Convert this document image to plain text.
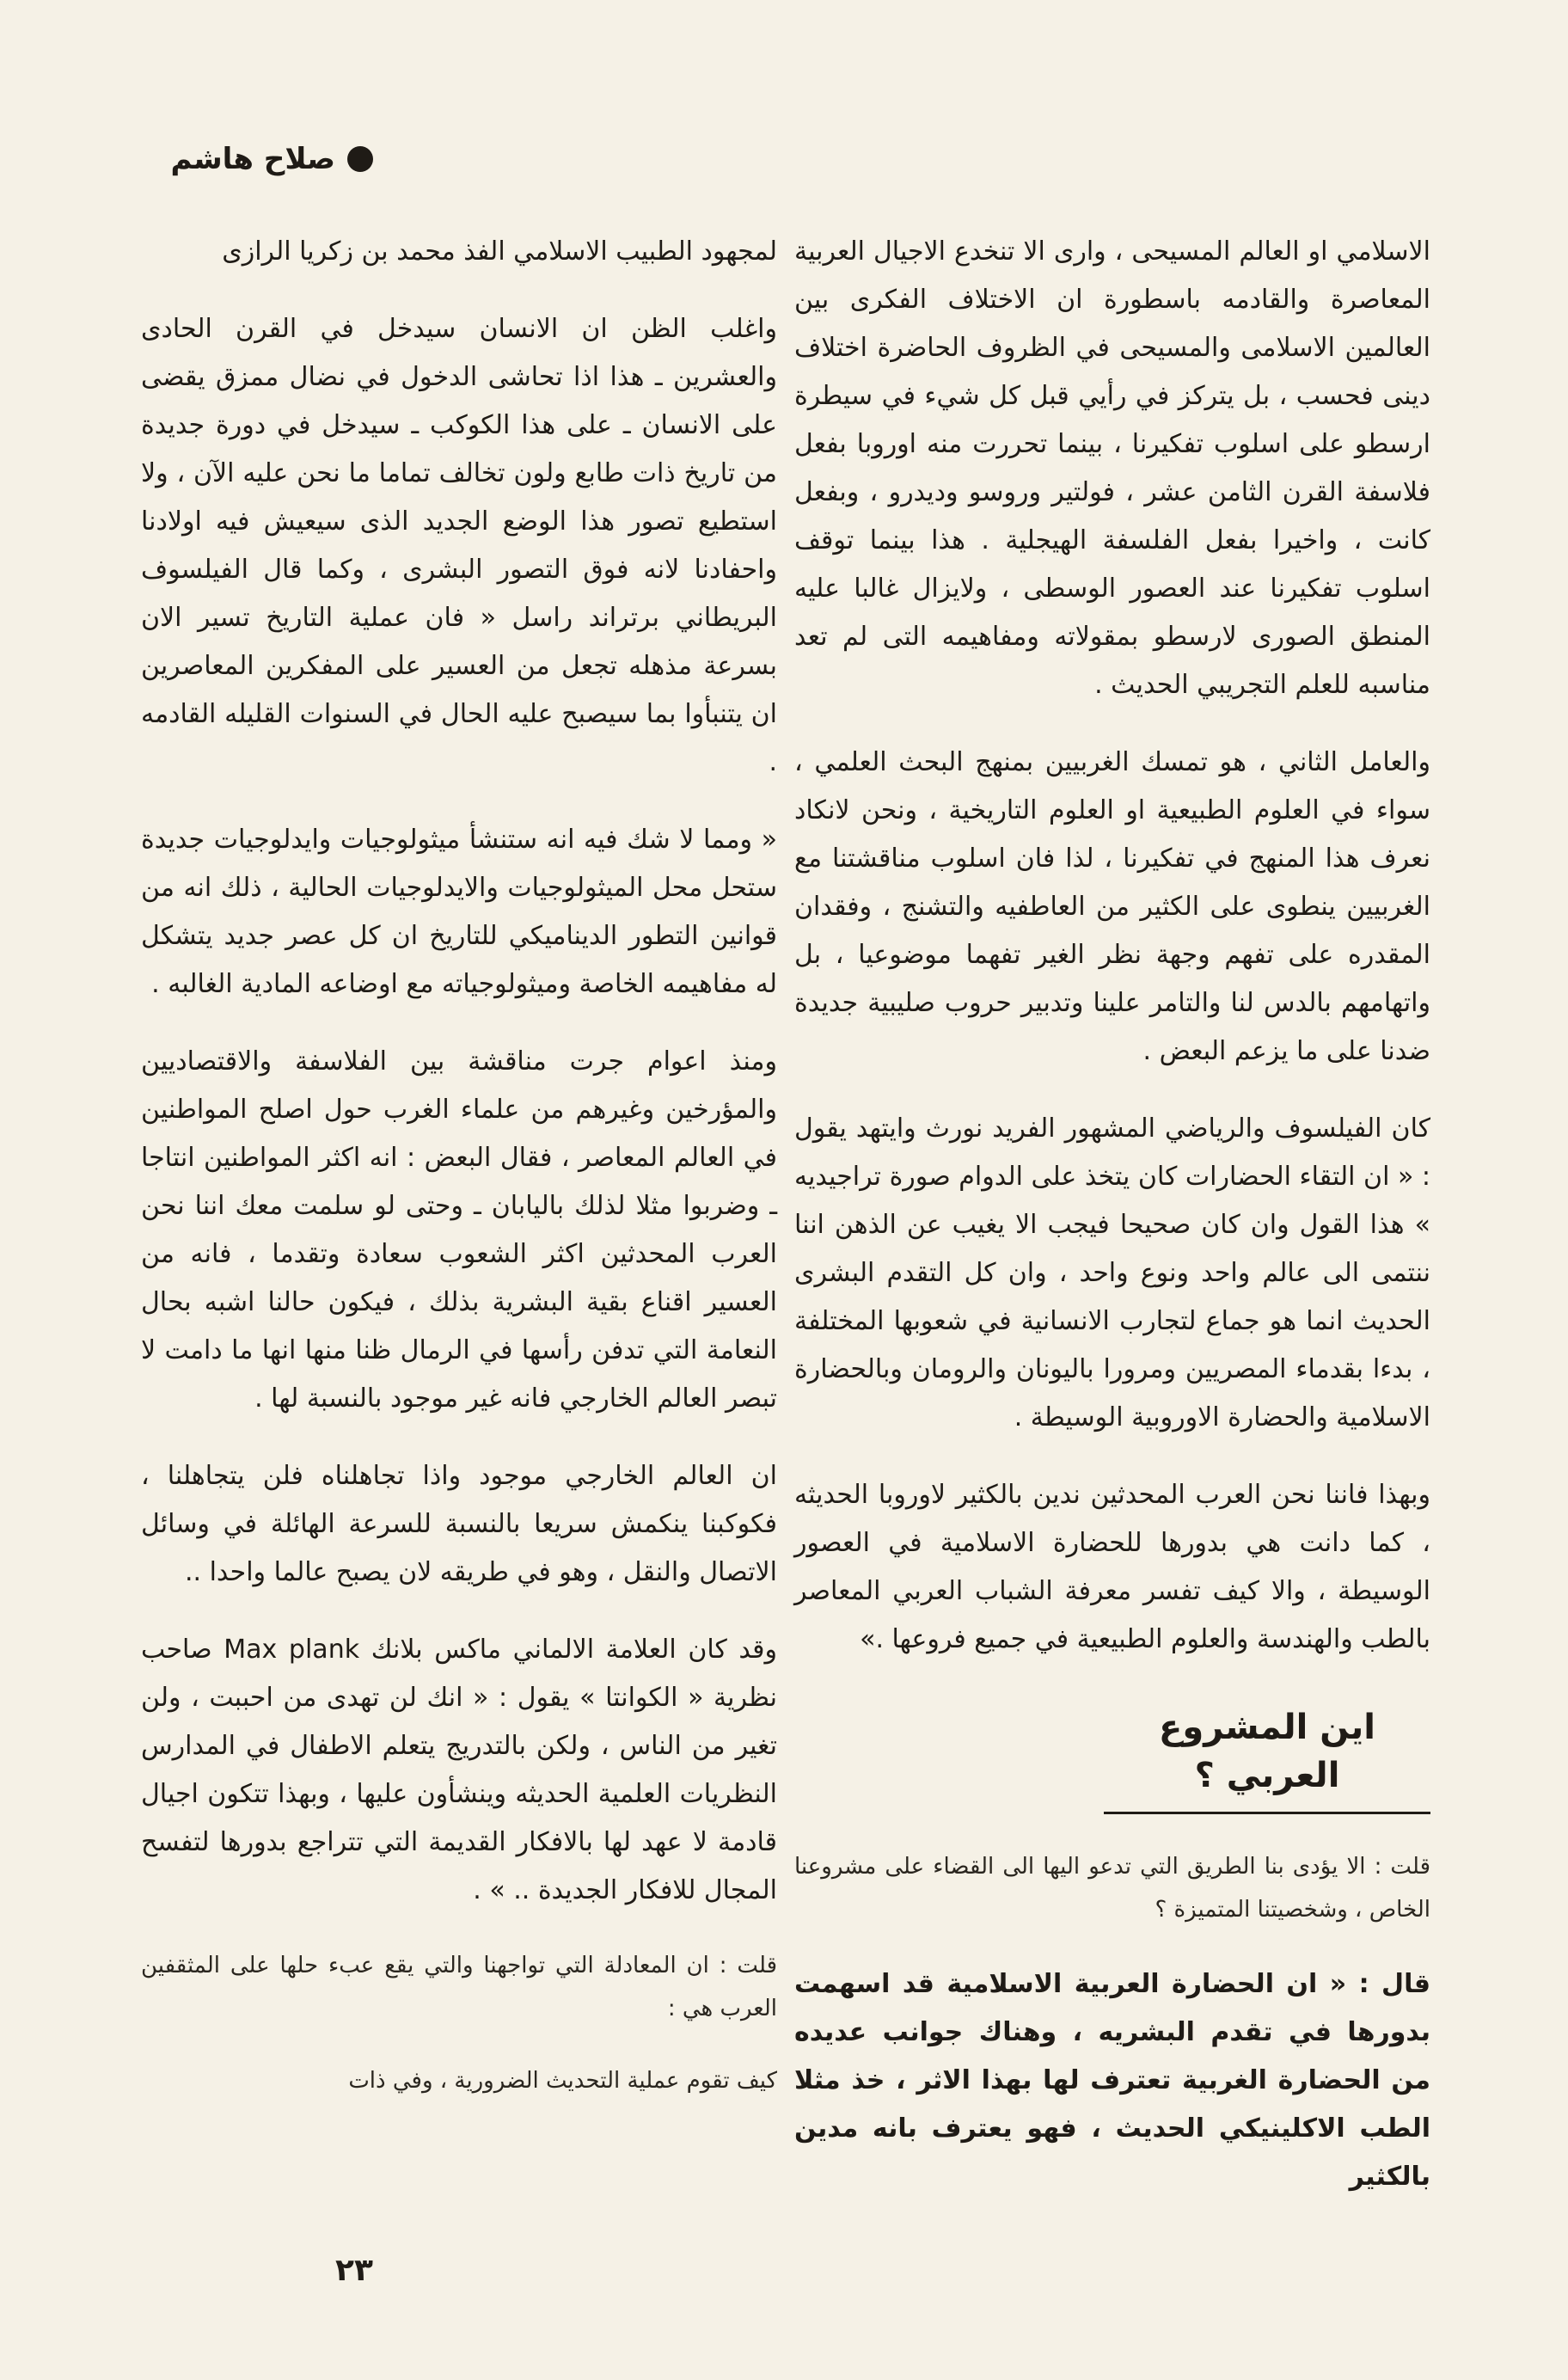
صلاح هاشم

الاسلامي او العالم المسيحى ، وارى الا تنخدع الاجيال العربية المعاصرة والقادمه باسطورة ان الاختلاف الفكرى بين العالمين الاسلامى والمسيحى في الظروف الحاضرة اختلاف دينى فحسب ، بل يتركز في رأيي قبل كل شيء في سيطرة ارسطو على اسلوب تفكيرنا ، بينما تحررت منه اوروبا بفعل فلاسفة القرن الثامن عشر ، فولتير وروسو وديدرو ، وبفعل كانت ، واخيرا بفعل الفلسفة الهيجلية . هذا بينما توقف اسلوب تفكيرنا عند العصور الوسطى ، ولايزال غالبا عليه المنطق الصورى لارسطو بمقولاته ومفاهيمه التى لم تعد مناسبه للعلم التجريبي الحديث .

والعامل الثاني ، هو تمسك الغربيين بمنهج البحث العلمي ، سواء في العلوم الطبيعية او العلوم التاريخية ، ونحن لانكاد نعرف هذا المنهج في تفكيرنا ، لذا فان اسلوب مناقشتنا مع الغربيين ينطوى على الكثير من العاطفيه والتشنج ، وفقدان المقدره على تفهم وجهة نظر الغير تفهما موضوعيا ، بل واتهامهم بالدس لنا والتامر علينا وتدبير حروب صليبية جديدة ضدنا على ما يزعم البعض .

كان الفيلسوف والرياضي المشهور الفريد نورث وايتهد يقول : « ان التقاء الحضارات كان يتخذ على الدوام صورة تراجيديه » هذا القول وان كان صحيحا فيجب الا يغيب عن الذهن اننا ننتمى الى عالم واحد ونوع واحد ، وان كل التقدم البشرى الحديث انما هو جماع لتجارب الانسانية في شعوبها المختلفة ، بدءا بقدماء المصريين ومرورا باليونان والرومان وبالحضارة الاسلامية والحضارة الاوروبية الوسيطة .

وبهذا فاننا نحن العرب المحدثين ندين بالكثير لاوروبا الحديثه ، كما دانت هي بدورها للحضارة الاسلامية في العصور الوسيطة ، والا كيف تفسر معرفة الشباب العربي المعاصر بالطب والهندسة والعلوم الطبيعية في جميع فروعها .»

اين المشروع العربي ؟

قلت : الا يؤدى بنا الطريق التي تدعو اليها الى القضاء على مشروعنا الخاص ، وشخصيتنا المتميزة ؟

قال : « ان الحضارة العربية الاسلامية قد اسهمت بدورها في تقدم البشريه ، وهناك جوانب عديده من الحضارة الغربية تعترف لها بهذا الاثر ، خذ مثلا الطب الاكلينيكي الحديث ، فهو يعترف بانه مدين بالكثير

لمجهود الطبيب الاسلامي الفذ محمد بن زكريا الرازى

واغلب الظن ان الانسان سيدخل في القرن الحادى والعشرين ـ هذا اذا تحاشى الدخول في نضال ممزق يقضى على الانسان ـ على هذا الكوكب ـ سيدخل في دورة جديدة من تاريخ ذات طابع ولون تخالف تماما ما نحن عليه الآن ، ولا استطيع تصور هذا الوضع الجديد الذى سيعيش فيه اولادنا واحفادنا لانه فوق التصور البشرى ، وكما قال الفيلسوف البريطاني برتراند راسل « فان عملية التاريخ تسير الان بسرعة مذهله تجعل من العسير على المفكرين المعاصرين ان يتنبأوا بما سيصبح عليه الحال في السنوات القليله القادمه .

« ومما لا شك فيه انه ستنشأ ميثولوجيات وايدلوجيات جديدة ستحل محل الميثولوجيات والايدلوجيات الحالية ، ذلك انه من قوانين التطور الديناميكي للتاريخ ان كل عصر جديد يتشكل له مفاهيمه الخاصة وميثولوجياته مع اوضاعه المادية الغالبه .

ومنذ اعوام جرت مناقشة بين الفلاسفة والاقتصاديين والمؤرخين وغيرهم من علماء الغرب حول اصلح المواطنين في العالم المعاصر ، فقال البعض : انه اكثر المواطنين انتاجا ـ وضربوا مثلا لذلك باليابان ـ وحتى لو سلمت معك اننا نحن العرب المحدثين اكثر الشعوب سعادة وتقدما ، فانه من العسير اقناع بقية البشرية بذلك ، فيكون حالنا اشبه بحال النعامة التي تدفن رأسها في الرمال ظنا منها انها ما دامت لا تبصر العالم الخارجي فانه غير موجود بالنسبة لها .

ان العالم الخارجي موجود واذا تجاهلناه فلن يتجاهلنا ، فكوكبنا ينكمش سريعا بالنسبة للسرعة الهائلة في وسائل الاتصال والنقل ، وهو في طريقه لان يصبح عالما واحدا ..

وقد كان العلامة الالماني ماكس بلانك Max plank صاحب نظرية « الكوانتا » يقول : « انك لن تهدى من احببت ، ولن تغير من الناس ، ولكن بالتدريج يتعلم الاطفال في المدارس النظريات العلمية الحديثه وينشأون عليها ، وبهذا تتكون اجيال قادمة لا عهد لها بالافكار القديمة التي تتراجع بدورها لتفسح المجال للافكار الجديدة .. » .

قلت : ان المعادلة التي تواجهنا والتي يقع عبء حلها على المثقفين العرب هي :

كيف تقوم عملية التحديث الضرورية ، وفي ذات

٢٣
